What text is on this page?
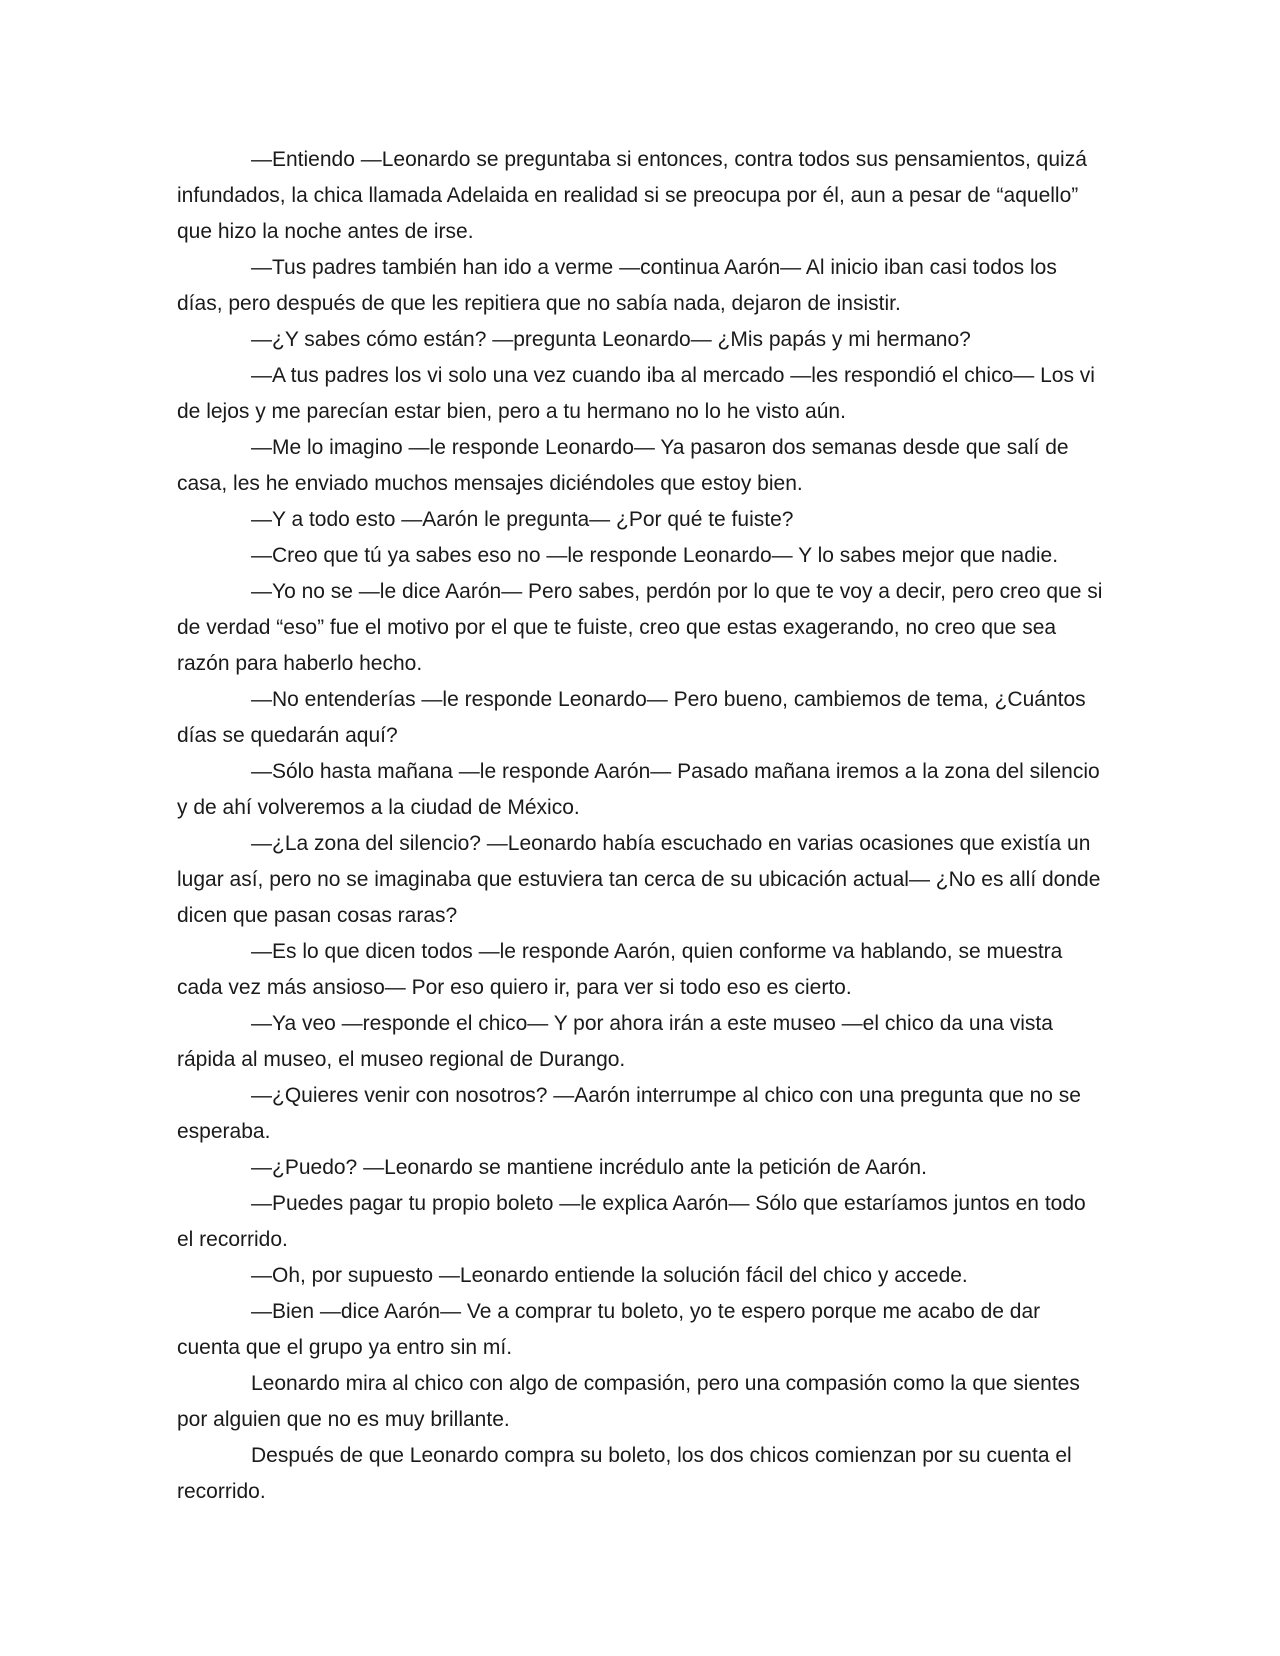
—Entiendo —Leonardo se preguntaba si entonces, contra todos sus pensamientos, quizá infundados, la chica llamada Adelaida en realidad si se preocupa por él, aun a pesar de “aquello” que hizo la noche antes de irse.

—Tus padres también han ido a verme —continua Aarón— Al inicio iban casi todos los días, pero después de que les repitiera que no sabía nada, dejaron de insistir.

—¿Y sabes cómo están? —pregunta Leonardo— ¿Mis papás y mi hermano?

—A tus padres los vi solo una vez cuando iba al mercado —les respondió el chico— Los vi de lejos y me parecían estar bien, pero a tu hermano no lo he visto aún.

—Me lo imagino —le responde Leonardo— Ya pasaron dos semanas desde que salí de casa, les he enviado muchos mensajes diciéndoles que estoy bien.

—Y a todo esto —Aarón le pregunta— ¿Por qué te fuiste?

—Creo que tú ya sabes eso no —le responde Leonardo— Y lo sabes mejor que nadie.

—Yo no se —le dice Aarón— Pero sabes, perdón por lo que te voy a decir, pero creo que si de verdad “eso” fue el motivo por el que te fuiste, creo que estas exagerando, no creo que sea razón para haberlo hecho.

—No entenderías —le responde Leonardo— Pero bueno, cambiemos de tema, ¿Cuántos días se quedarán aquí?

—Sólo hasta mañana —le responde Aarón— Pasado mañana iremos a la zona del silencio y de ahí volveremos a la ciudad de México.

—¿La zona del silencio? —Leonardo había escuchado en varias ocasiones que existía un lugar así, pero no se imaginaba que estuviera tan cerca de su ubicación actual— ¿No es allí donde dicen que pasan cosas raras?

—Es lo que dicen todos —le responde Aarón, quien conforme va hablando, se muestra cada vez más ansioso— Por eso quiero ir, para ver si todo eso es cierto.

—Ya veo —responde el chico— Y por ahora irán a este museo —el chico da una vista rápida al museo, el museo regional de Durango.

—¿Quieres venir con nosotros? —Aarón interrumpe al chico con una pregunta que no se esperaba.

—¿Puedo? —Leonardo se mantiene incrédulo ante la petición de Aarón.

—Puedes pagar tu propio boleto —le explica Aarón— Sólo que estaríamos juntos en todo el recorrido.

—Oh, por supuesto —Leonardo entiende la solución fácil del chico y accede.

—Bien —dice Aarón— Ve a comprar tu boleto, yo te espero porque me acabo de dar cuenta que el grupo ya entro sin mí.

Leonardo mira al chico con algo de compasión, pero una compasión como la que sientes por alguien que no es muy brillante.

Después de que Leonardo compra su boleto, los dos chicos comienzan por su cuenta el recorrido.
